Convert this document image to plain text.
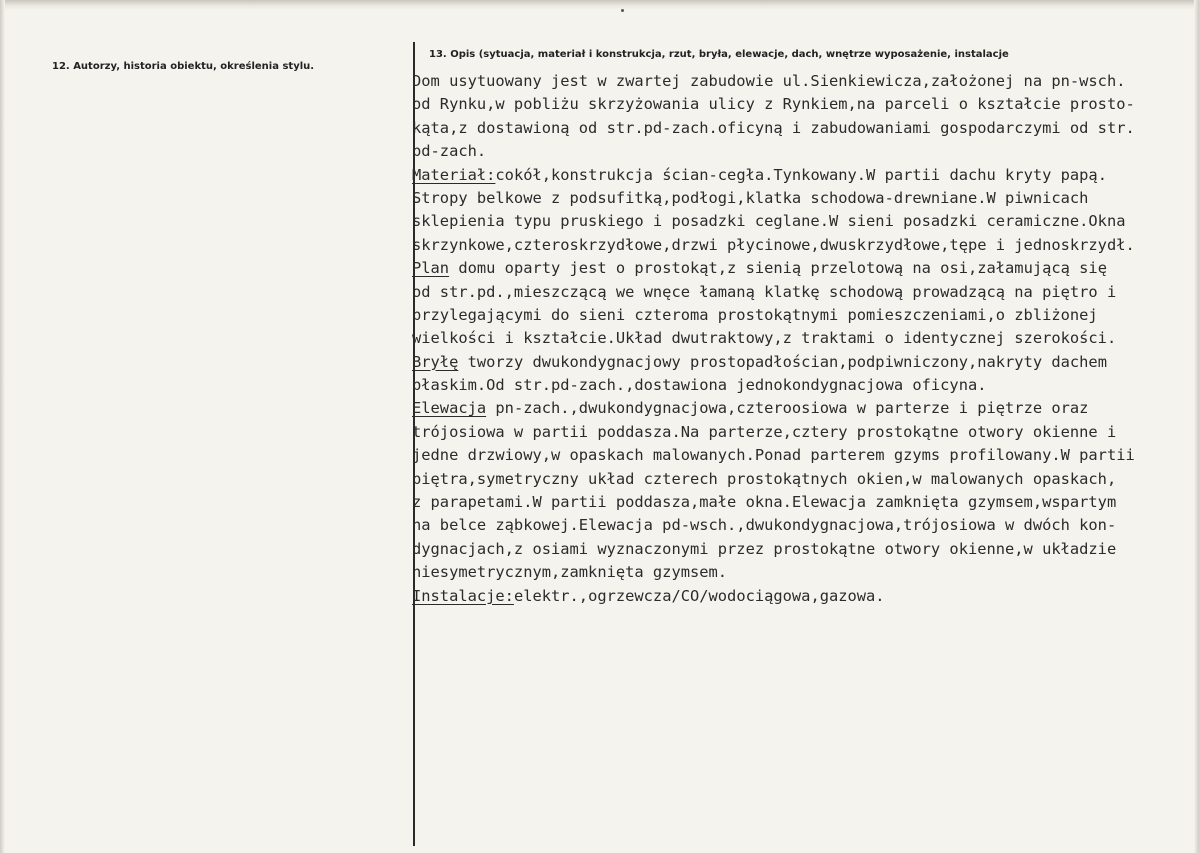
12. Autorzy, historia obiektu, określenia stylu.
13. Opis (sytuacja, materiał i konstrukcja, rzut, bryła, elewacje, dach, wnętrze wyposażenie, instalacje
Dom usytuowany jest w zwartej zabudowie ul.Sienkiewicza,założonej na pn-wsch.
od Rynku,w pobliżu skrzyżowania ulicy z Rynkiem,na parceli o kształcie prosto-
kąta,z dostawioną od str.pd-zach.oficyną i zabudowaniami gospodarczymi od str.
pd-zach.
Materiał:cokół,konstrukcja ścian-cegła.Tynkowany.W partii dachu kryty papą.
Stropy belkowe z podsufitką,podłogi,klatka schodowa-drewniane.W piwnicach
sklepienia typu pruskiego i posadzki ceglane.W sieni posadzki ceramiczne.Okna
skrzynkowe,czteroskrzydłowe,drzwi płycinowe,dwuskrzydłowe,tępe i jednoskrzydł.
Plan domu oparty jest o prostokąt,z sienią przelotową na osi,załamującą się
od str.pd.,mieszczącą we wnęce łamaną klatkę schodową prowadzącą na piętro i
przylegającymi do sieni czteroma prostokątnymi pomieszczeniami,o zbliżonej
wielkości i kształcie.Układ dwutraktowy,z traktami o identycznej szerokości.
Bryłę tworzy dwukondygnacjowy prostopadłościan,podpiwniczony,nakryty dachem
płaskim.Od str.pd-zach.,dostawiona jednokondygnacjowa oficyna.
Elewacja pn-zach.,dwukondygnacjowa,czteroosiowa w parterze i piętrze oraz
trójosiowa w partii poddasza.Na parterze,cztery prostokątne otwory okienne i
jedne drzwiowy,w opaskach malowanych.Ponad parterem gzyms profilowany.W partii
piętra,symetryczny układ czterech prostokątnych okien,w malowanych opaskach,
z parapetami.W partii poddasza,małe okna.Elewacja zamknięta gzymsem,wspartym
na belce ząbkowej.Elewacja pd-wsch.,dwukondygnacjowa,trójosiowa w dwóch kon-
dygnacjach,z osiami wyznaczonymi przez prostokątne otwory okienne,w układzie
niesymetrycznym,zamknięta gzymsem.
Instalacje:elektr.,ogrzewcza/CO/wodociągowa,gazowa.
